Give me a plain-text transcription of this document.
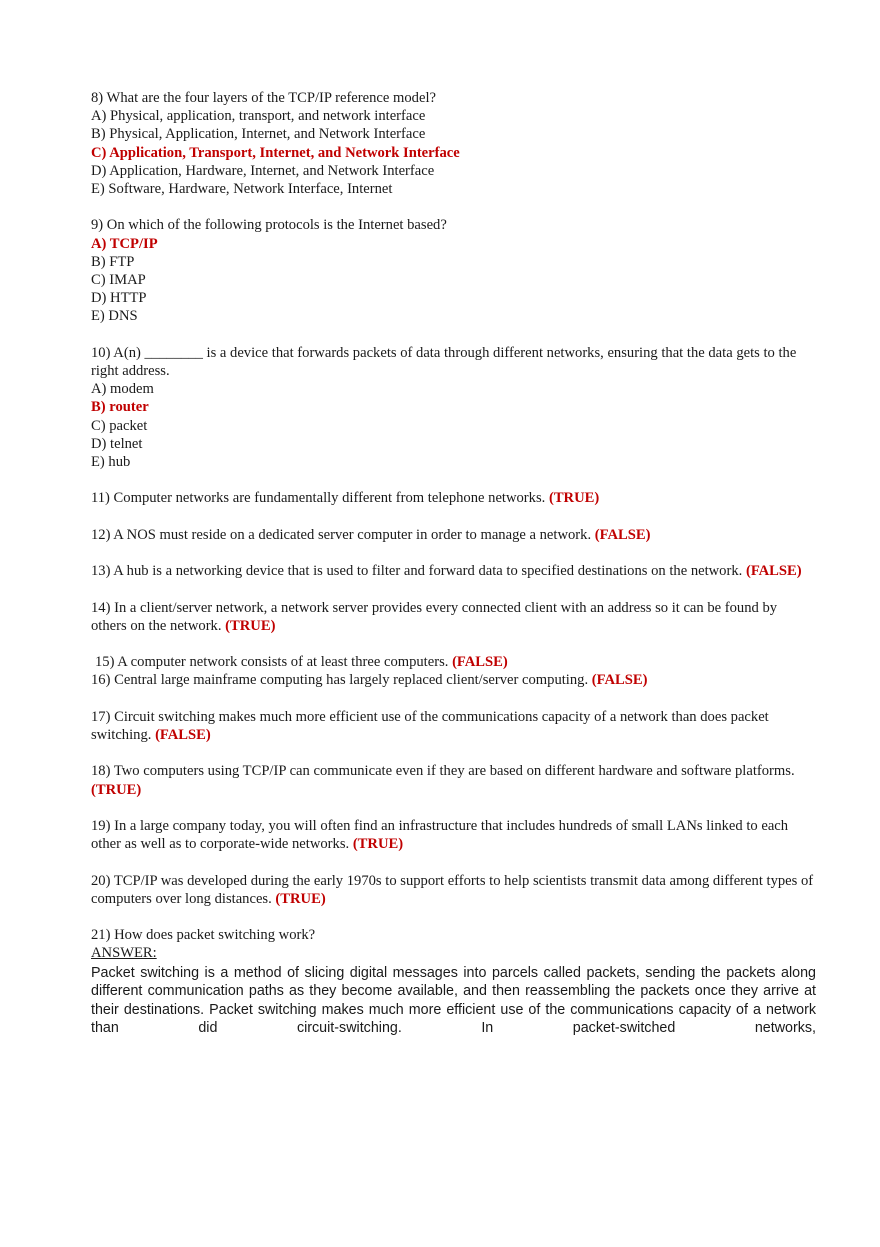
8) What are the four layers of the TCP/IP reference model?
A) Physical, application, transport, and network interface
B) Physical, Application, Internet, and Network Interface
C) Application, Transport, Internet, and Network Interface
D) Application, Hardware, Internet, and Network Interface
E) Software, Hardware, Network Interface, Internet
9) On which of the following protocols is the Internet based?
A) TCP/IP
B) FTP
C) IMAP
D) HTTP
E) DNS
10) A(n) ________ is a device that forwards packets of data through different networks, ensuring that the data gets to the right address.
A) modem
B) router
C) packet
D) telnet
E) hub
11) Computer networks are fundamentally different from telephone networks. (TRUE)
12) A NOS must reside on a dedicated server computer in order to manage a network. (FALSE)
13) A hub is a networking device that is used to filter and forward data to specified destinations on the network. (FALSE)
14) In a client/server network, a network server provides every connected client with an address so it can be found by others on the network. (TRUE)
15) A computer network consists of at least three computers. (FALSE)
16) Central large mainframe computing has largely replaced client/server computing. (FALSE)
17) Circuit switching makes much more efficient use of the communications capacity of a network than does packet switching. (FALSE)
18) Two computers using TCP/IP can communicate even if they are based on different hardware and software platforms. (TRUE)
19) In a large company today, you will often find an infrastructure that includes hundreds of small LANs linked to each other as well as to corporate-wide networks. (TRUE)
20) TCP/IP was developed during the early 1970s to support efforts to help scientists transmit data among different types of computers over long distances. (TRUE)
21) How does packet switching work?
ANSWER:
Packet switching is a method of slicing digital messages into parcels called packets, sending the packets along different communication paths as they become available, and then reassembling the packets once they arrive at their destinations. Packet switching makes much more efficient use of the communications capacity of a network than did circuit-switching. In packet-switched networks,
